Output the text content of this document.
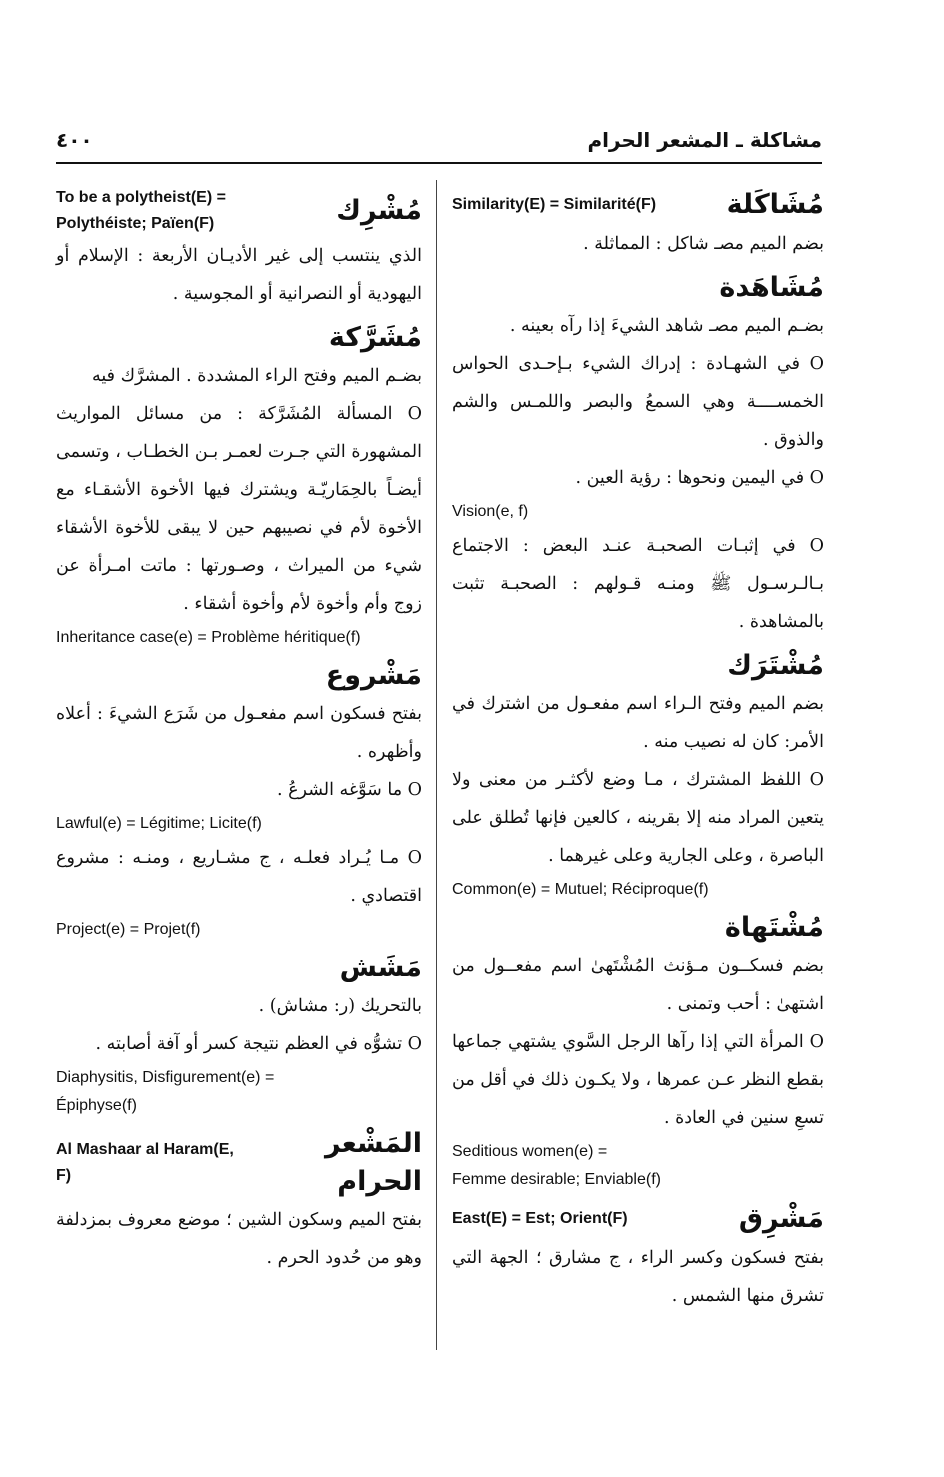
مشاكلة ـ المشعر الحرام
٤٠٠
Similarity(E) = Similarité(F)	مُشَاكَلة

بضم الميم مصـ شاكل : المماثلة .

مُشَاهَدة

بضـم الميم مصـ شاهد الشيءَ إذا رآه بعينه .

O في الشهـادة : إدراك الشيء بـإحـدى الحواس الخمســــة وهي السمعُ والبصر واللمـس والشم والذوق .

O في اليمين ونحوها : رؤية العين .

Vision(e, f)

O في إثبـات الصحبـة عنـد البعض : الاجتماع بـالـرسـول ﷺ ومنـه قـولهم : الصحبـة تثبت بالمشاهدة .

مُشْتَرَك

بضم الميم وفتح الـراء اسم مفعـول من اشترك في الأمر: كان له نصيب منه .

O اللفظ المشترك ، مـا وضع لأكثـر من معنى ولا يتعين المراد منه إلا بقرينه ، كالعين فإنها تُطلق على الباصرة ، وعلى الجارية وعلى غيرهما .

Common(e) = Mutuel; Réciproque(f)
مُشْتَهاة

بضم فسكــون مـؤنث المُشْتَهىٰ اسم مفعــول من اشتهىٰ : أحب وتمنى .

O المرأة التي إذا رآها الرجل السَّوي يشتهي جماعها بقطع النظر عـن عمرها ، ولا يكـون ذلك في أقل من تسعِ سنين في العادة .

Seditious women(e) =
Femme desirable; Enviable(f)
East(E) = Est; Orient(F)	مَشْرِق

بفتح فسكون وكسر الراء ، ج مشارق ؛ الجهة التي تشرق منها الشمس .

To be a polytheist(E) =
Polythéiste; Païen(F)	مُشْرِك

الذي ينتسب إلى غير الأديـان الأربعة : الإسلام أو اليهودية أو النصرانية أو المجوسية .

مُشَرَّكة

بضـم الميم وفتح الراء المشددة . المشرَّك فيه

O المسألة المُشَرَّكة : من مسائل المواريث المشهورة التي جـرت لعمـر بـن الخطـاب ، وتسمى أيضـاً بالحِمَاريّـة ويشترك فيها الأخوة الأشقـاء مع الأخوة لأم في نصيبهم حين لا يبقى للأخوة الأشقاء شيء من الميراث ، وصـورتها : ماتت امـرأة عن زوج وأم وأخوة لأم وأخوة أشقاء .

Inheritance case(e) = Problème héritique(f)
مَشْروع

بفتح فسكون اسم مفعـول من شَرَع الشيءَ : أعلاه وأظهره .

O ما سَوَّغه الشرعُ .

Lawful(e) = Légitime; Licite(f)

O مـا يُـراد فعلـه ، ج مشـاريع ، ومنـه : مشروع اقتصادي .

Project(e) = Projet(f)
مَشَش

بالتحريك (ر: مشاش) .

O تشوُّه في العظم نتيجة كسر أو آفة أصابته .

Diaphysitis, Disfigurement(e) =
Épiphyse(f)
Al Mashaar al Haram(E, F)
المَشْعر الحرام

بفتح الميم وسكون الشين ؛ موضع معروف بمزدلفة وهو من حُدود الحرم .
